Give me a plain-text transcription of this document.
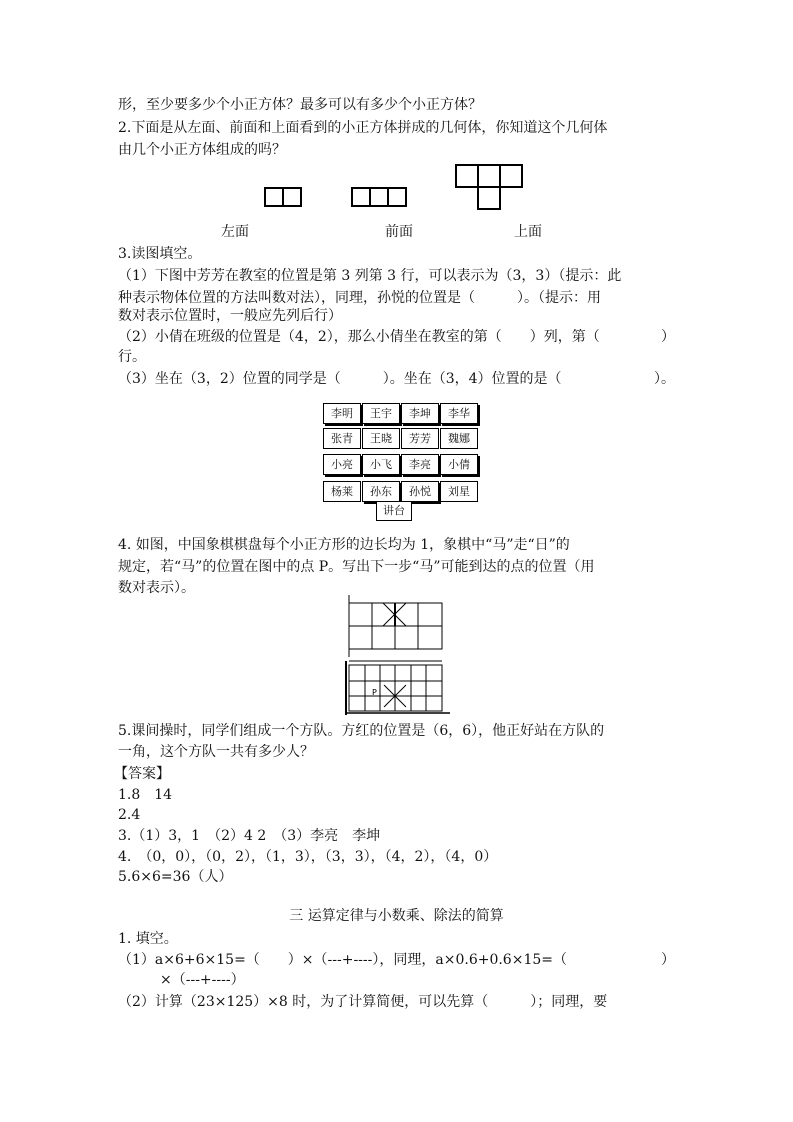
形，至少要多少个小正方体？最多可以有多少个小正方体？
2.下面是从左面、前面和上面看到的小正方体拼成的几何体，你知道这个几何体
由几个小正方体组成的吗？
左面	前面	上面
3.读图填空。
（1）下图中芳芳在教室的位置是第 3 列第 3 行，可以表示为（3，3）（提示：此
种表示物体位置的方法叫数对法），同理，孙悦的位置是（　　　）。（提示：用
数对表示位置时，一般应先列后行）
（2）小倩在班级的位置是（4，2），那么小倩坐在教室的第（　　）列，第（	）
行。
（3）坐在（3，2）位置的同学是（　　　）。坐在（3，4）位置的是（	）。
李明	王宇	李坤	李华
张青	王晓	芳芳	魏娜
小亮	小飞	李亮	小倩
杨莱	孙东	孙悦	刘星
讲台
4. 如图，中国象棋棋盘每个小正方形的边长均为 1，象棋中“马”走“日”的
规定，若“马”的位置在图中的点 P。写出下一步“马”可能到达的点的位置（用
数对表示）。
P
5.课间操时，同学们组成一个方队。方红的位置是（6，6），他正好站在方队的
一角，这个方队一共有多少人？
【答案】
1.8　14
2.4
3.（1）3，1　（2）4 2　（3）李亮　李坤
4.　（0，0），（0，2），（1，3），（3，3），（4，2），（4，0）
5.6×6=36（人）
三 运算定律与小数乘、除法的简算
1. 填空。
（1）a×6+6×15=（　　）×（---+----），同理，a×0.6+0.6×15=（	）
×（---+----）
（2）计算（23×125）×8 时，为了计算简便，可以先算（　　　）；同理，要
